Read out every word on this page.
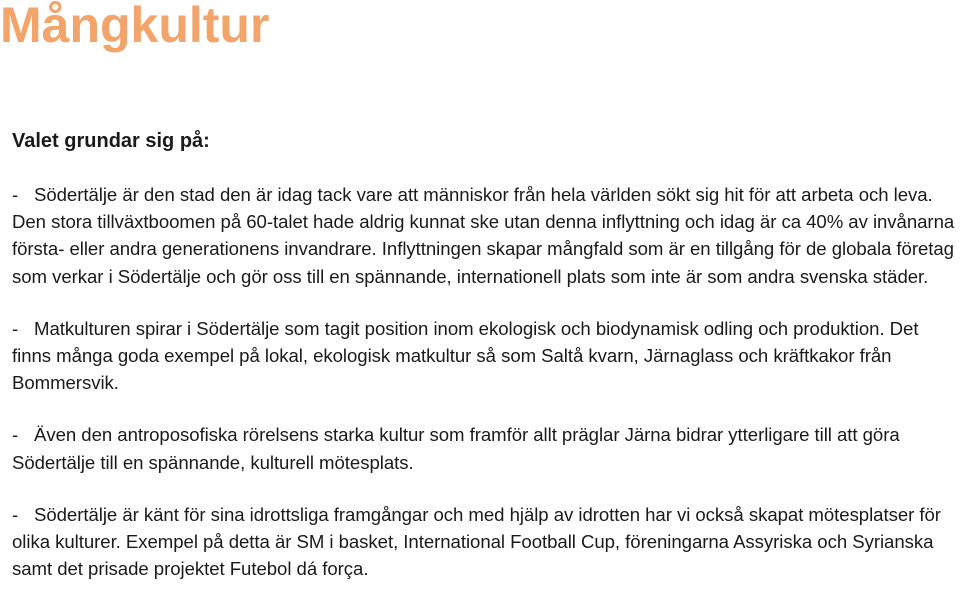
Mångkultur
Valet grundar sig på:
- Södertälje är den stad den är idag tack vare att människor från hela världen sökt sig hit för att arbeta och leva. Den stora tillväxtboomen på 60-talet hade aldrig kunnat ske utan denna inflyttning och idag är ca 40% av invånarna första- eller andra generationens invandrare. Inflyttningen skapar mångfald som är en tillgång för de globala företag som verkar i Södertälje och gör oss till en spännande, internationell plats som inte är som andra svenska städer.
- Matkulturen spirar i Södertälje som tagit position inom ekologisk och biodynamisk odling och produktion. Det finns många goda exempel på lokal, ekologisk matkultur så som Saltå kvarn, Järnaglass och kräftkakor från Bommersvik.
- Även den antroposofiska rörelsens starka kultur som framför allt präglar Järna bidrar ytterligare till att göra Södertälje till en spännande, kulturell mötesplats.
- Södertälje är känt för sina idrottsliga framgångar och med hjälp av idrotten har vi också skapat mötesplatser för olika kulturer. Exempel på detta är SM i basket, International Football Cup, föreningarna Assyriska och Syrianska samt det prisade projektet Futebol dá força.
